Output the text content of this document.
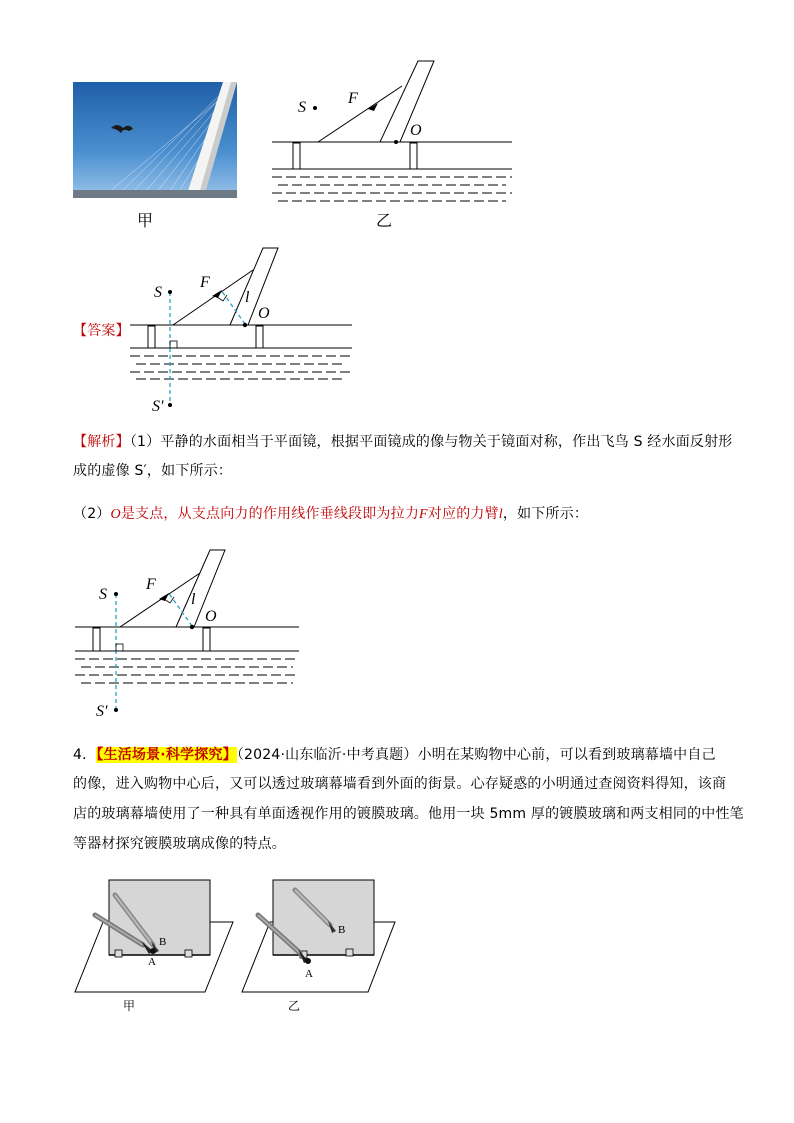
甲
S
F
O
乙
【答案】
S
F
l
O
S′
【解析】（1）平静的水面相当于平面镜，根据平面镜成的像与物关于镜面对称，作出飞鸟 S 经水面反射形
成的虚像 S′，如下所示：
（2）O是支点，从支点向力的作用线作垂线段即为拉力F对应的力臂l，如下所示：
S
F
l
O
S′
4．【生活场景·科学探究】（2024·山东临沂·中考真题）小明在某购物中心前，可以看到玻璃幕墙中自己
的像，进入购物中心后，又可以透过玻璃幕墙看到外面的街景。心存疑惑的小明通过查阅资料得知，该商
店的玻璃幕墙使用了一种具有单面透视作用的镀膜玻璃。他用一块 5mm 厚的镀膜玻璃和两支相同的中性笔
等器材探究镀膜玻璃成像的特点。
B
A
甲
B
A
乙
